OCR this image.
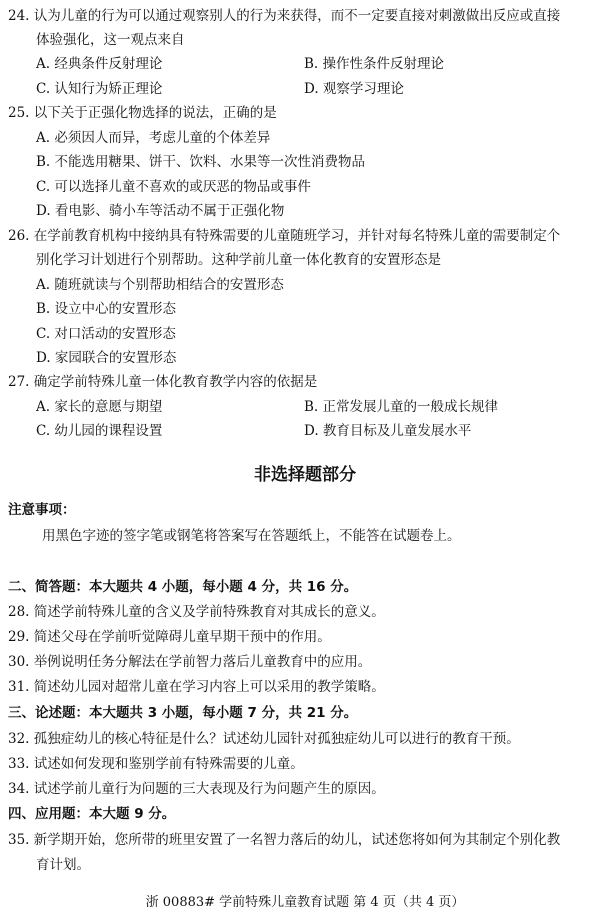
24. 认为儿童的行为可以通过观察别人的行为来获得，而不一定要直接对刺激做出反应或直接
体验强化，这一观点来自
A. 经典条件反射理论	B. 操作性条件反射理论
C. 认知行为矫正理论	D. 观察学习理论
25. 以下关于正强化物选择的说法，正确的是
A. 必须因人而异，考虑儿童的个体差异
B. 不能选用糖果、饼干、饮料、水果等一次性消费物品
C. 可以选择儿童不喜欢的或厌恶的物品或事件
D. 看电影、骑小车等活动不属于正强化物
26. 在学前教育机构中接纳具有特殊需要的儿童随班学习，并针对每名特殊儿童的需要制定个
别化学习计划进行个别帮助。这种学前儿童一体化教育的安置形态是
A. 随班就读与个别帮助相结合的安置形态
B. 设立中心的安置形态
C. 对口活动的安置形态
D. 家园联合的安置形态
27. 确定学前特殊儿童一体化教育教学内容的依据是
A. 家长的意愿与期望	B. 正常发展儿童的一般成长规律
C. 幼儿园的课程设置	D. 教育目标及儿童发展水平
非选择题部分
注意事项：
用黑色字迹的签字笔或钢笔将答案写在答题纸上，不能答在试题卷上。
二、简答题：本大题共 4 小题，每小题 4 分，共 16 分。
28. 简述学前特殊儿童的含义及学前特殊教育对其成长的意义。
29. 简述父母在学前听觉障碍儿童早期干预中的作用。
30. 举例说明任务分解法在学前智力落后儿童教育中的应用。
31. 简述幼儿园对超常儿童在学习内容上可以采用的教学策略。
三、论述题：本大题共 3 小题，每小题 7 分，共 21 分。
32. 孤独症幼儿的核心特征是什么？试述幼儿园针对孤独症幼儿可以进行的教育干预。
33. 试述如何发现和鉴别学前有特殊需要的儿童。
34. 试述学前儿童行为问题的三大表现及行为问题产生的原因。
四、应用题：本大题 9 分。
35. 新学期开始，您所带的班里安置了一名智力落后的幼儿，试述您将如何为其制定个别化教
育计划。
浙 00883# 学前特殊儿童教育试题 第 4 页（共 4 页）
